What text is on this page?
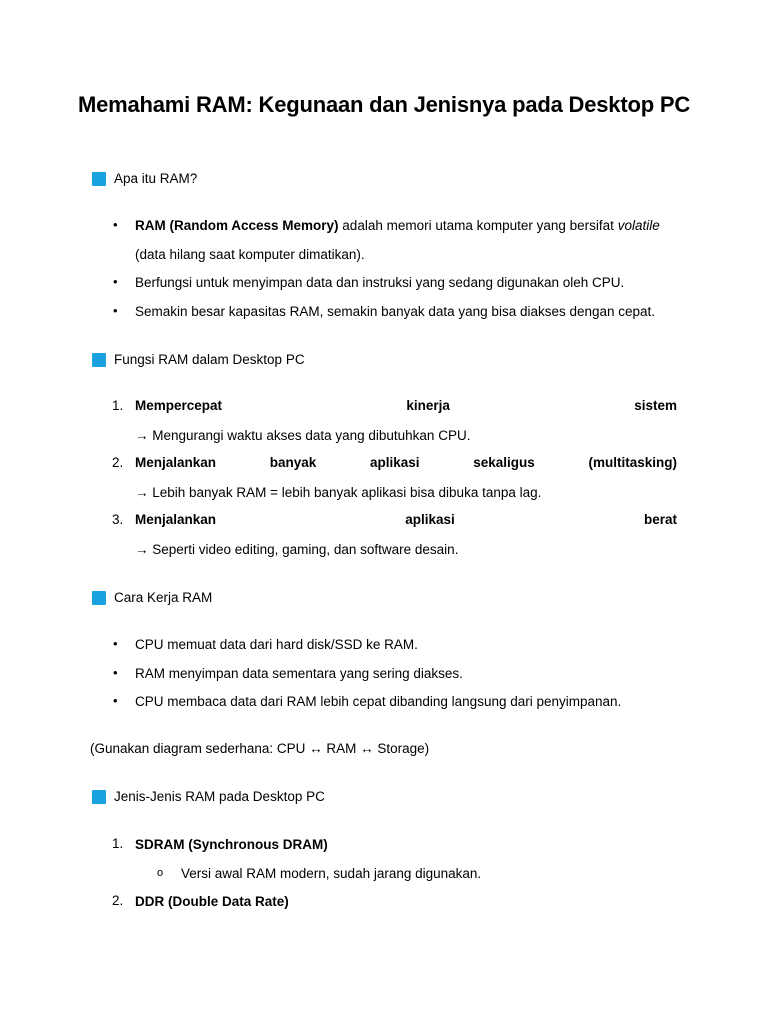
Memahami RAM: Kegunaan dan Jenisnya pada Desktop PC
Apa itu RAM?
• RAM (Random Access Memory) adalah memori utama komputer yang bersifat volatile
(data hilang saat komputer dimatikan).
• Berfungsi untuk menyimpan data dan instruksi yang sedang digunakan oleh CPU.
• Semakin besar kapasitas RAM, semakin banyak data yang bisa diakses dengan cepat.
Fungsi RAM dalam Desktop PC
1. Mempercepat	kinerja	sistem
→ Mengurangi waktu akses data yang dibutuhkan CPU.
2. Menjalankan	banyak	aplikasi	sekaligus	(multitasking)
→ Lebih banyak RAM = lebih banyak aplikasi bisa dibuka tanpa lag.
3. Menjalankan	aplikasi	berat
→ Seperti video editing, gaming, dan software desain.
Cara Kerja RAM
• CPU memuat data dari hard disk/SSD ke RAM.
• RAM menyimpan data sementara yang sering diakses.
• CPU membaca data dari RAM lebih cepat dibanding langsung dari penyimpanan.
(Gunakan diagram sederhana: CPU ↔ RAM ↔ Storage)
Jenis-Jenis RAM pada Desktop PC
1. SDRAM (Synchronous DRAM)
o Versi awal RAM modern, sudah jarang digunakan.
2. DDR (Double Data Rate)
